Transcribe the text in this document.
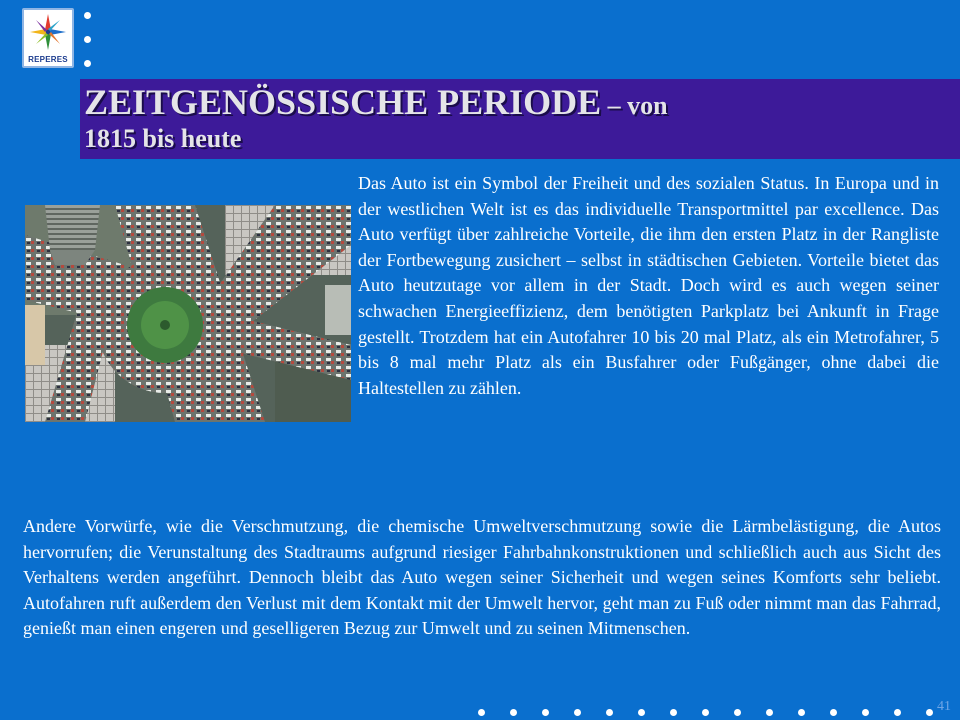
REPERES
ZEITGENÖSSISCHE PERIODE – von
1815 bis heute

Das Auto ist ein Symbol der Freiheit und des sozialen Status. In Europa und in der westlichen Welt ist es das individuelle Transportmittel par excellence. Das Auto verfügt über zahlreiche Vorteile, die ihm den ersten Platz in der Rangliste der Fortbewegung zusichert – selbst in städtischen Gebieten. Vorteile bietet das Auto heutzutage vor allem in der Stadt. Doch wird es auch wegen seiner schwachen Energieeffizienz, dem benötigten Parkplatz bei Ankunft in Frage gestellt. Trotzdem hat ein Autofahrer 10 bis 20 mal Platz, als ein Metrofahrer, 5 bis 8 mal mehr Platz als ein Busfahrer oder Fußgänger, ohne dabei die Haltestellen zu zählen.

Andere Vorwürfe, wie die Verschmutzung, die chemische Umweltverschmutzung sowie die Lärmbelästigung, die Autos hervorrufen; die Verunstaltung des Stadtraums aufgrund riesiger Fahrbahnkonstruktionen und schließlich auch aus Sicht des Verhaltens werden angeführt. Dennoch bleibt das Auto wegen seiner Sicherheit und wegen seines Komforts sehr beliebt. Autofahren ruft außerdem den Verlust mit dem Kontakt mit der Umwelt hervor, geht man zu Fuß oder nimmt man das Fahrrad, genießt man einen engeren und geselligeren Bezug zur Umwelt und zu seinen Mitmenschen.

41
